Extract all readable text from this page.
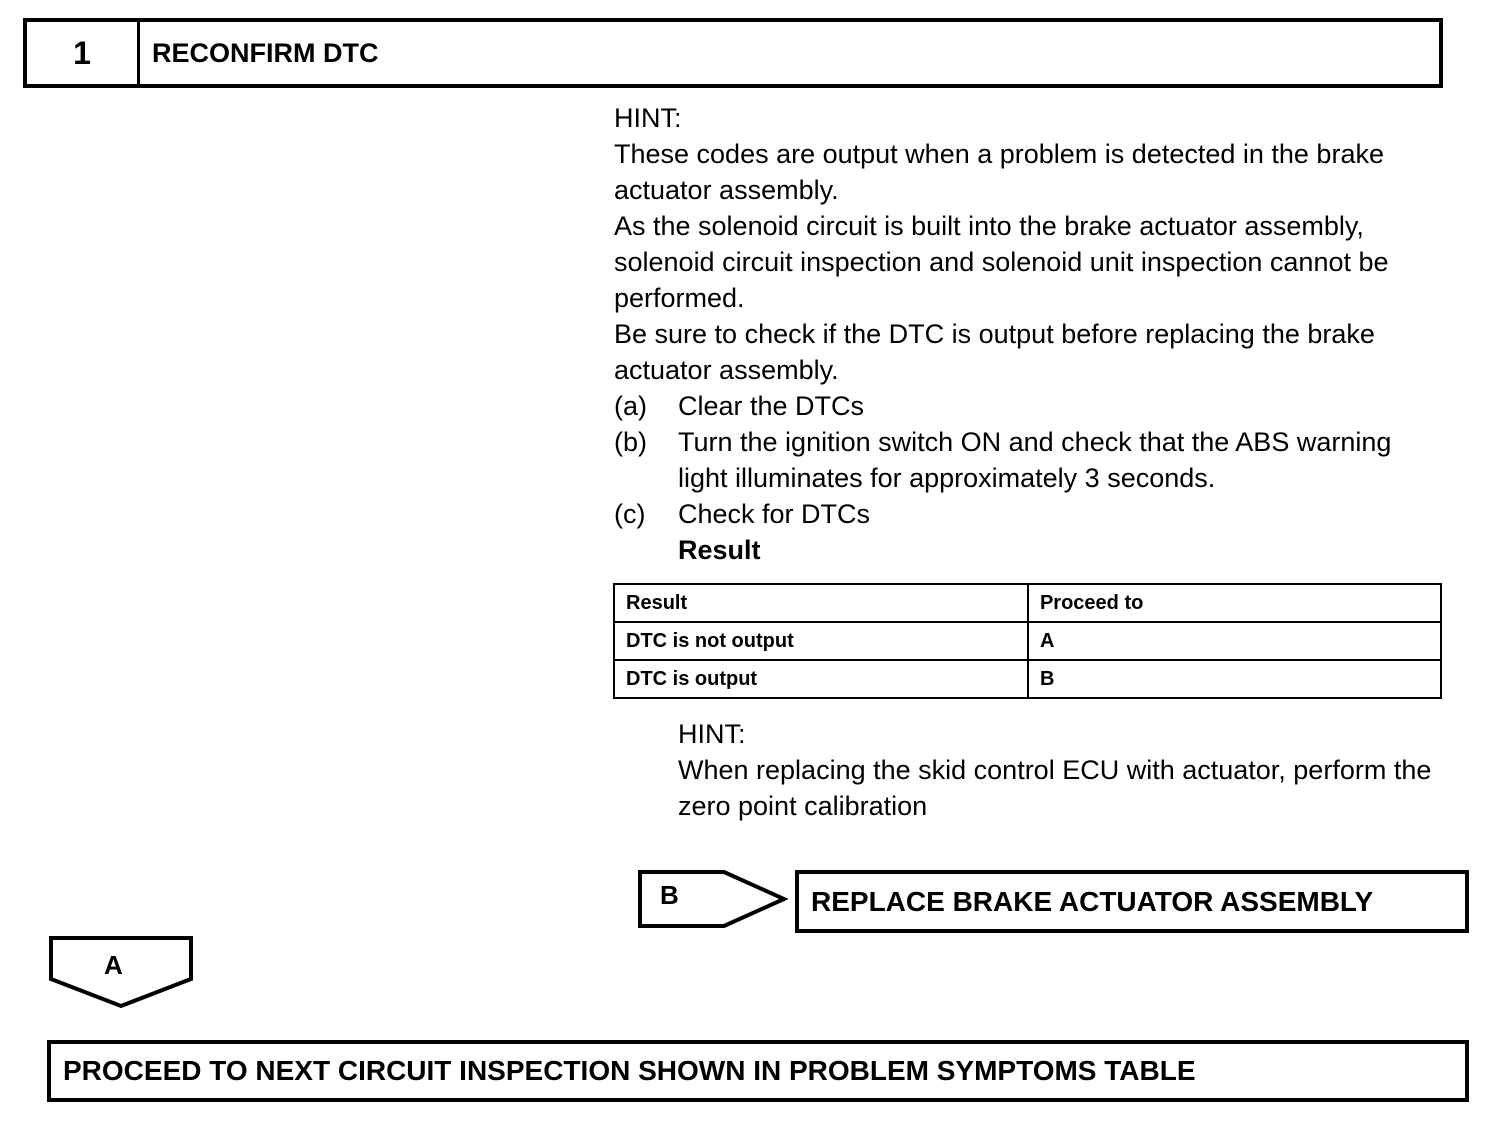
1	RECONFIRM DTC

HINT:

These codes are output when a problem is detected in the brake actuator assembly.

As the solenoid circuit is built into the brake actuator assembly, solenoid circuit inspection and solenoid unit inspection cannot be performed.

Be sure to check if the DTC is output before replacing the brake actuator assembly.

(a)	Clear the DTCs
(b)	Turn the ignition switch ON and check that the ABS warning light illuminates for approximately 3 seconds.
(c)	Check for DTCs
Result
Result	Proceed to
DTC is not output	A
DTC is output	B

HINT:

When replacing the skid control ECU with actuator, perform the zero point calibration

B	REPLACE BRAKE ACTUATOR ASSEMBLY
A
PROCEED TO NEXT CIRCUIT INSPECTION SHOWN IN PROBLEM SYMPTOMS TABLE
